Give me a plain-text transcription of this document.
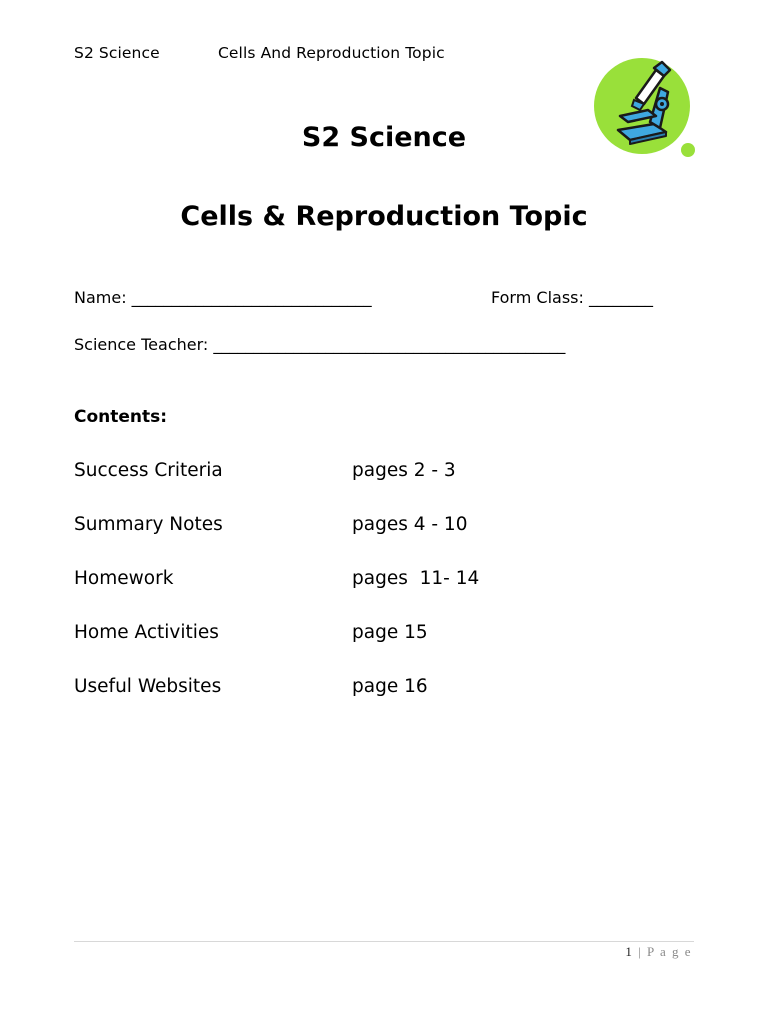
S2 Science	Cells And Reproduction Topic
S2 Science
Cells & Reproduction Topic
Name: ______________________________	Form Class: ________
Science Teacher: ____________________________________________
Contents:
Success Criteria	pages 2 - 3
Summary Notes	pages 4 - 10
Homework	pages  11- 14
Home Activities	page 15
Useful Websites	page 16
1 | P a g e
